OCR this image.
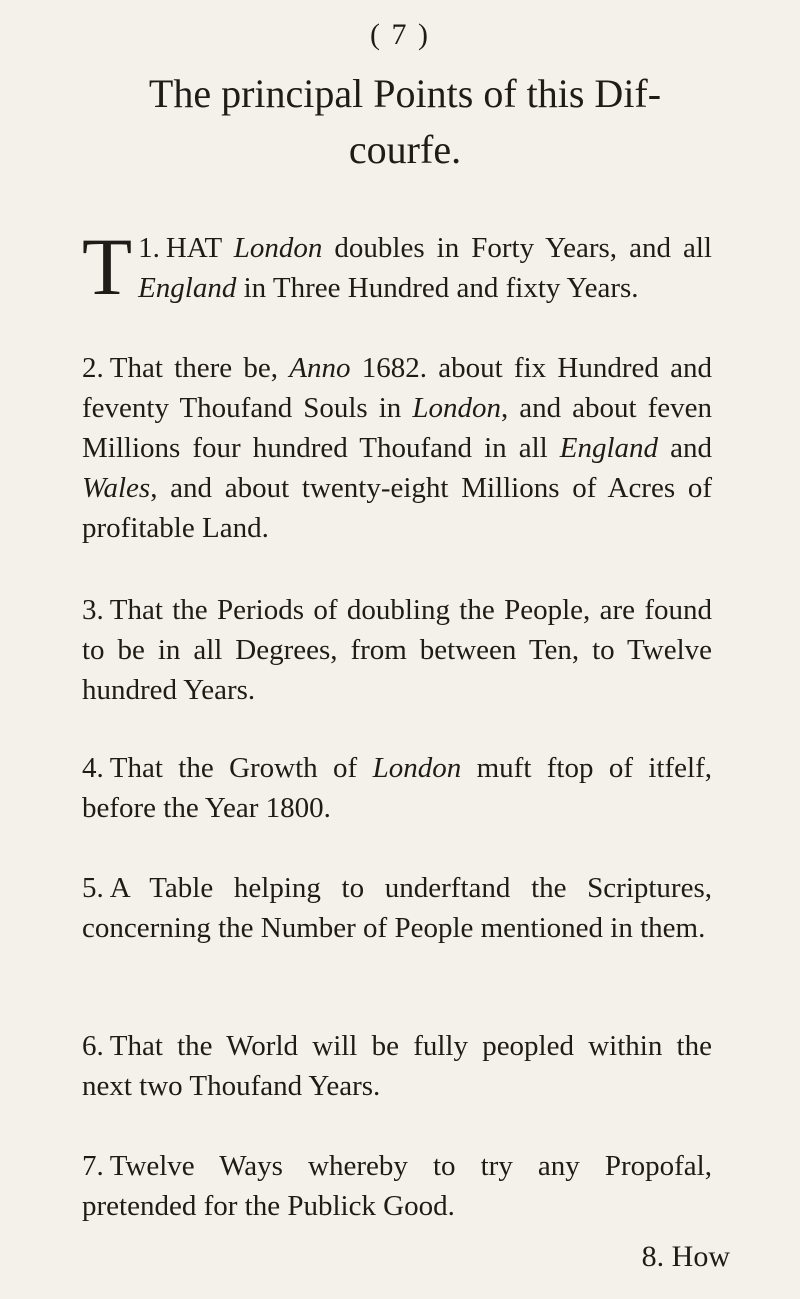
( 7 )
The principal Points of this Dif-
courfe.
1.
T HAT London doubles in Forty Years, and all England in Three Hundred and fixty Years.
2. That there be, Anno 1682. about fix Hundred and feventy Thoufand Souls in London, and about feven Millions four hundred Thoufand in all England and Wales, and about twenty-eight Millions of Acres of profitable Land.
3. That the Periods of doubling the People, are found to be in all Degrees, from between Ten, to Twelve hundred Years.
4. That the Growth of London muft ftop of itfelf, before the Year 1800.
5. A Table helping to underftand the Scriptures, concerning the Number of People mentioned in them.
6. That the World will be fully peopled within the next two Thoufand Years.
7. Twelve Ways whereby to try any Propofal, pretended for the Publick Good.
8. How
